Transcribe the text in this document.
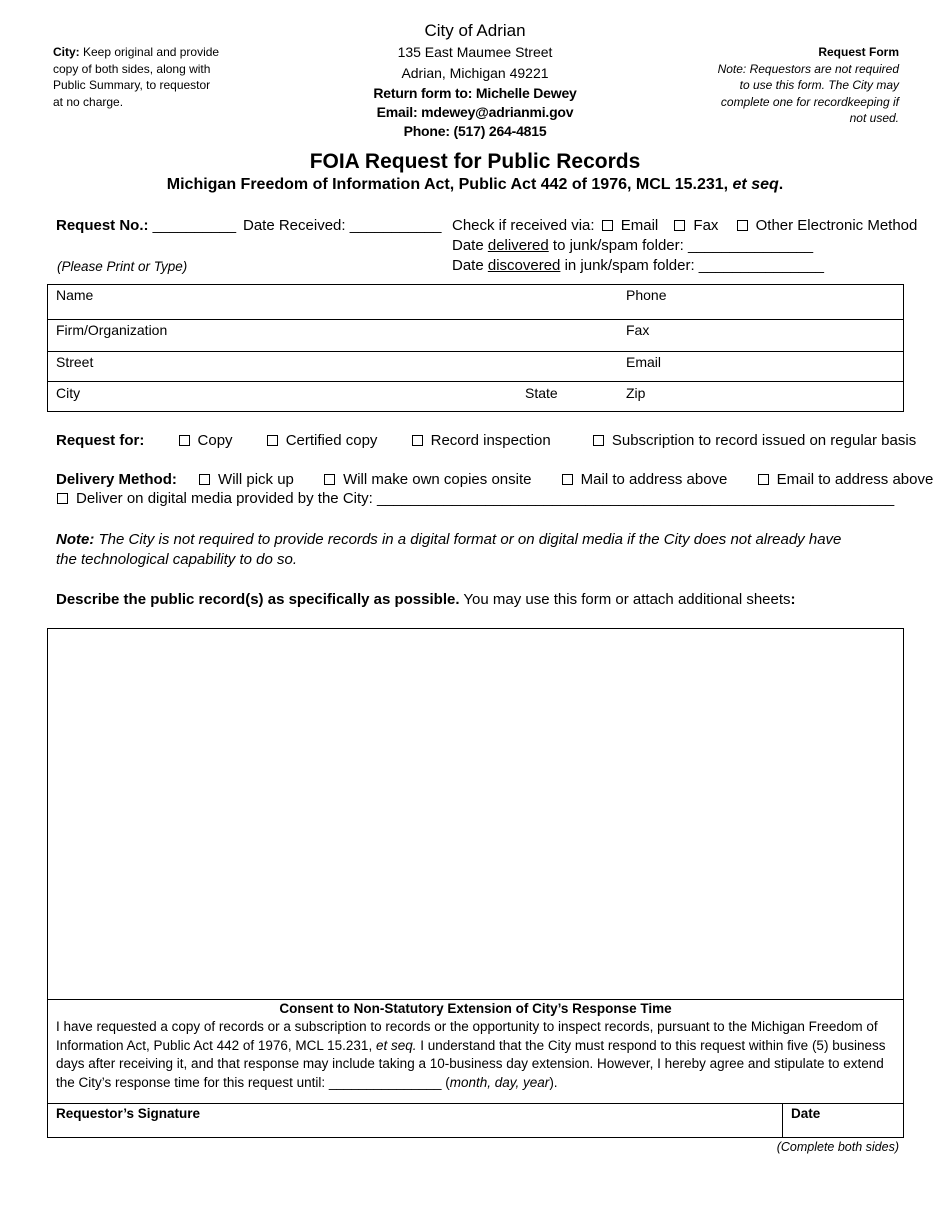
City: Keep original and provide copy of both sides, along with Public Summary, to requestor at no charge.
City of Adrian
135 East Maumee Street
Adrian, Michigan 49221
Return form to: Michelle Dewey
Email: mdewey@adrianmi.gov
Phone: (517) 264-4815
Request Form
Note: Requestors are not required to use this form. The City may complete one for recordkeeping if not used.
FOIA Request for Public Records
Michigan Freedom of Information Act, Public Act 442 of 1976, MCL 15.231, et seq.
Request No.: __________ Date Received: ___________ Check if received via: Email Fax Other Electronic Method
Date delivered to junk/spam folder: _______________
Date discovered in junk/spam folder: _______________
(Please Print or Type)
Name	Phone
Firm/Organization	Fax
Street	Email
City	State	Zip
Request for:	Copy	Certified copy	Record inspection	Subscription to record issued on regular basis
Delivery Method:	Will pick up	Will make own copies onsite	Mail to address above	Email to address above
Deliver on digital media provided by the City: ______________________________________________________________
Note: The City is not required to provide records in a digital format or on digital media if the City does not already have the technological capability to do so.
Describe the public record(s) as specifically as possible. You may use this form or attach additional sheets:
Consent to Non-Statutory Extension of City’s Response Time
I have requested a copy of records or a subscription to records or the opportunity to inspect records, pursuant to the Michigan Freedom of Information Act, Public Act 442 of 1976, MCL 15.231, et seq. I understand that the City must respond to this request within five (5) business days after receiving it, and that response may include taking a 10-business day extension. However, I hereby agree and stipulate to extend the City’s response time for this request until: _______________ (month, day, year).
Requestor’s Signature	Date
(Complete both sides)
